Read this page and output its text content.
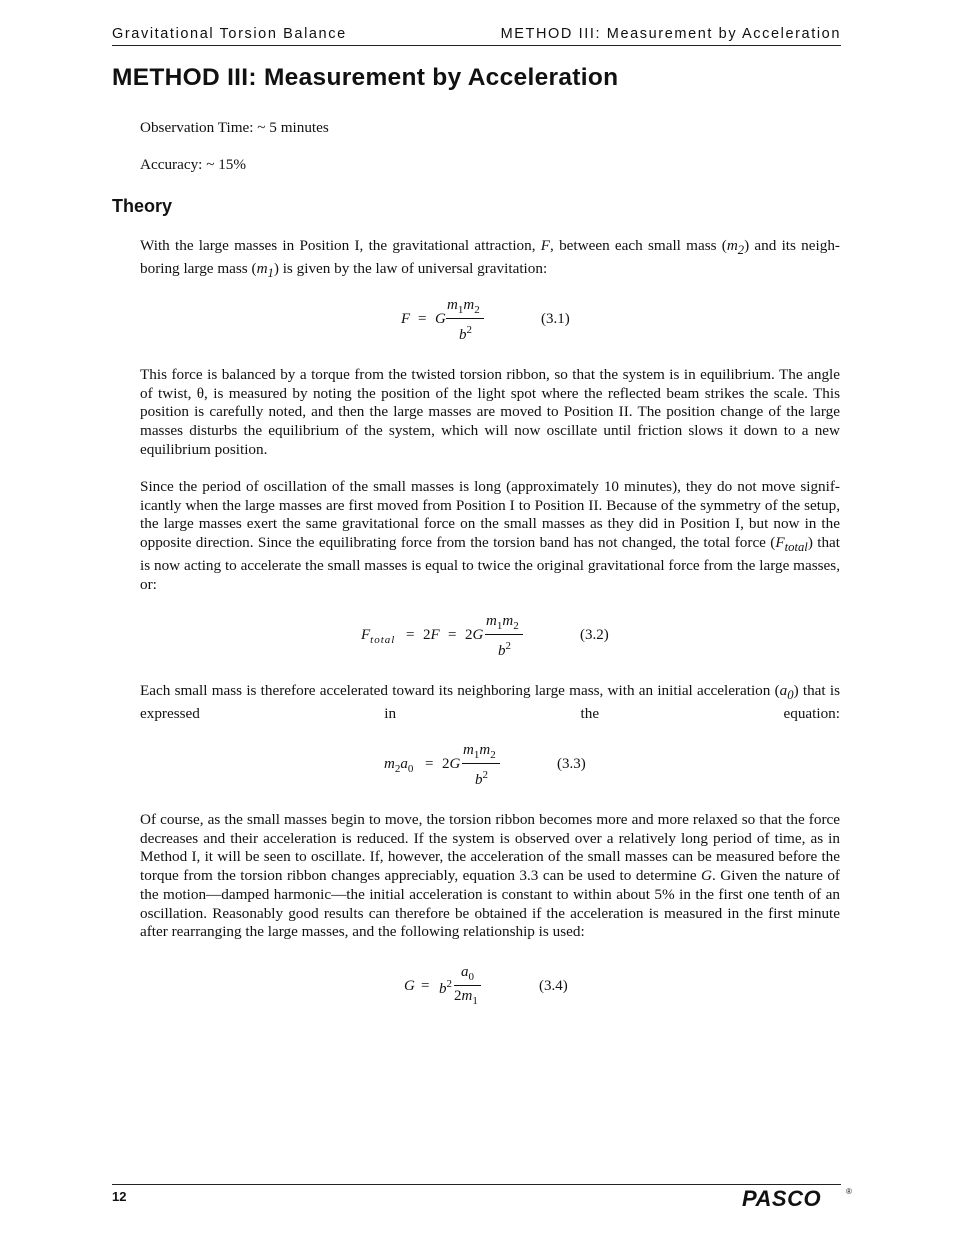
Gravitational Torsion Balance	METHOD III: Measurement by Acceleration
METHOD III: Measurement by Acceleration
Observation Time: ~ 5 minutes
Accuracy: ~ 15%
Theory

With the large masses in Position I, the gravitational attraction, F, between each small mass $(m_2)$ and its neigh-

boring large mass $(m_1)$ is given by the law of universal gravitation:

F = G
$m_1m_2$
$b^2$
(3.1)
This force is balanced by a torque from the twisted torsion ribbon, so that the system is in equilibrium. The angle of twist, θ, is measured by noting the position of the light spot where the reflected beam strikes the scale. This position is carefully noted, and then the large masses are moved to Position II. The position change of the large masses disturbs the equilibrium of the system, which will now oscillate until friction slows it down to a new equilibrium position.
Since the period of oscillation of the small masses is long (approximately 10 minutes), they do not move signif-icantly when the large masses are first moved from Position I to Position II. Because of the symmetry of the setup, the large masses exert the same gravitational force on the small masses as they did in Position I, but now in the opposite direction. Since the equilibrating force from the torsion band has not changed, the total force $(F_{total})$ that is now acting to accelerate the small masses is equal to twice the original gravitational force from the large masses, or:
$F_{total} = 2F = 2G$
$m_1m_2$
$b^2$
(3.2)

Each small mass is therefore accelerated toward its neighboring large mass, with an initial acceleration $(a_0)$ that is expressed in the equation:

$m_2a_0 = 2G$
$m_1m_2$
$b^2$
(3.3)
Of course, as the small masses begin to move, the torsion ribbon becomes more and more relaxed so that the force decreases and their acceleration is reduced. If the system is observed over a relatively long period of time, as in Method I, it will be seen to oscillate. If, however, the acceleration of the small masses can be measured before the torque from the torsion ribbon changes appreciably, equation 3.3 can be used to determine G. Given the nature of the motion—damped harmonic—the initial acceleration is constant to within about 5% in the first one tenth of an oscillation. Reasonably good results can therefore be obtained if the acceleration is measured in the first minute after rearranging the large masses, and the following relationship is used:
$G = b^2$
$a_0$
$2m_1$
(3.4)
12	PASCO	®
